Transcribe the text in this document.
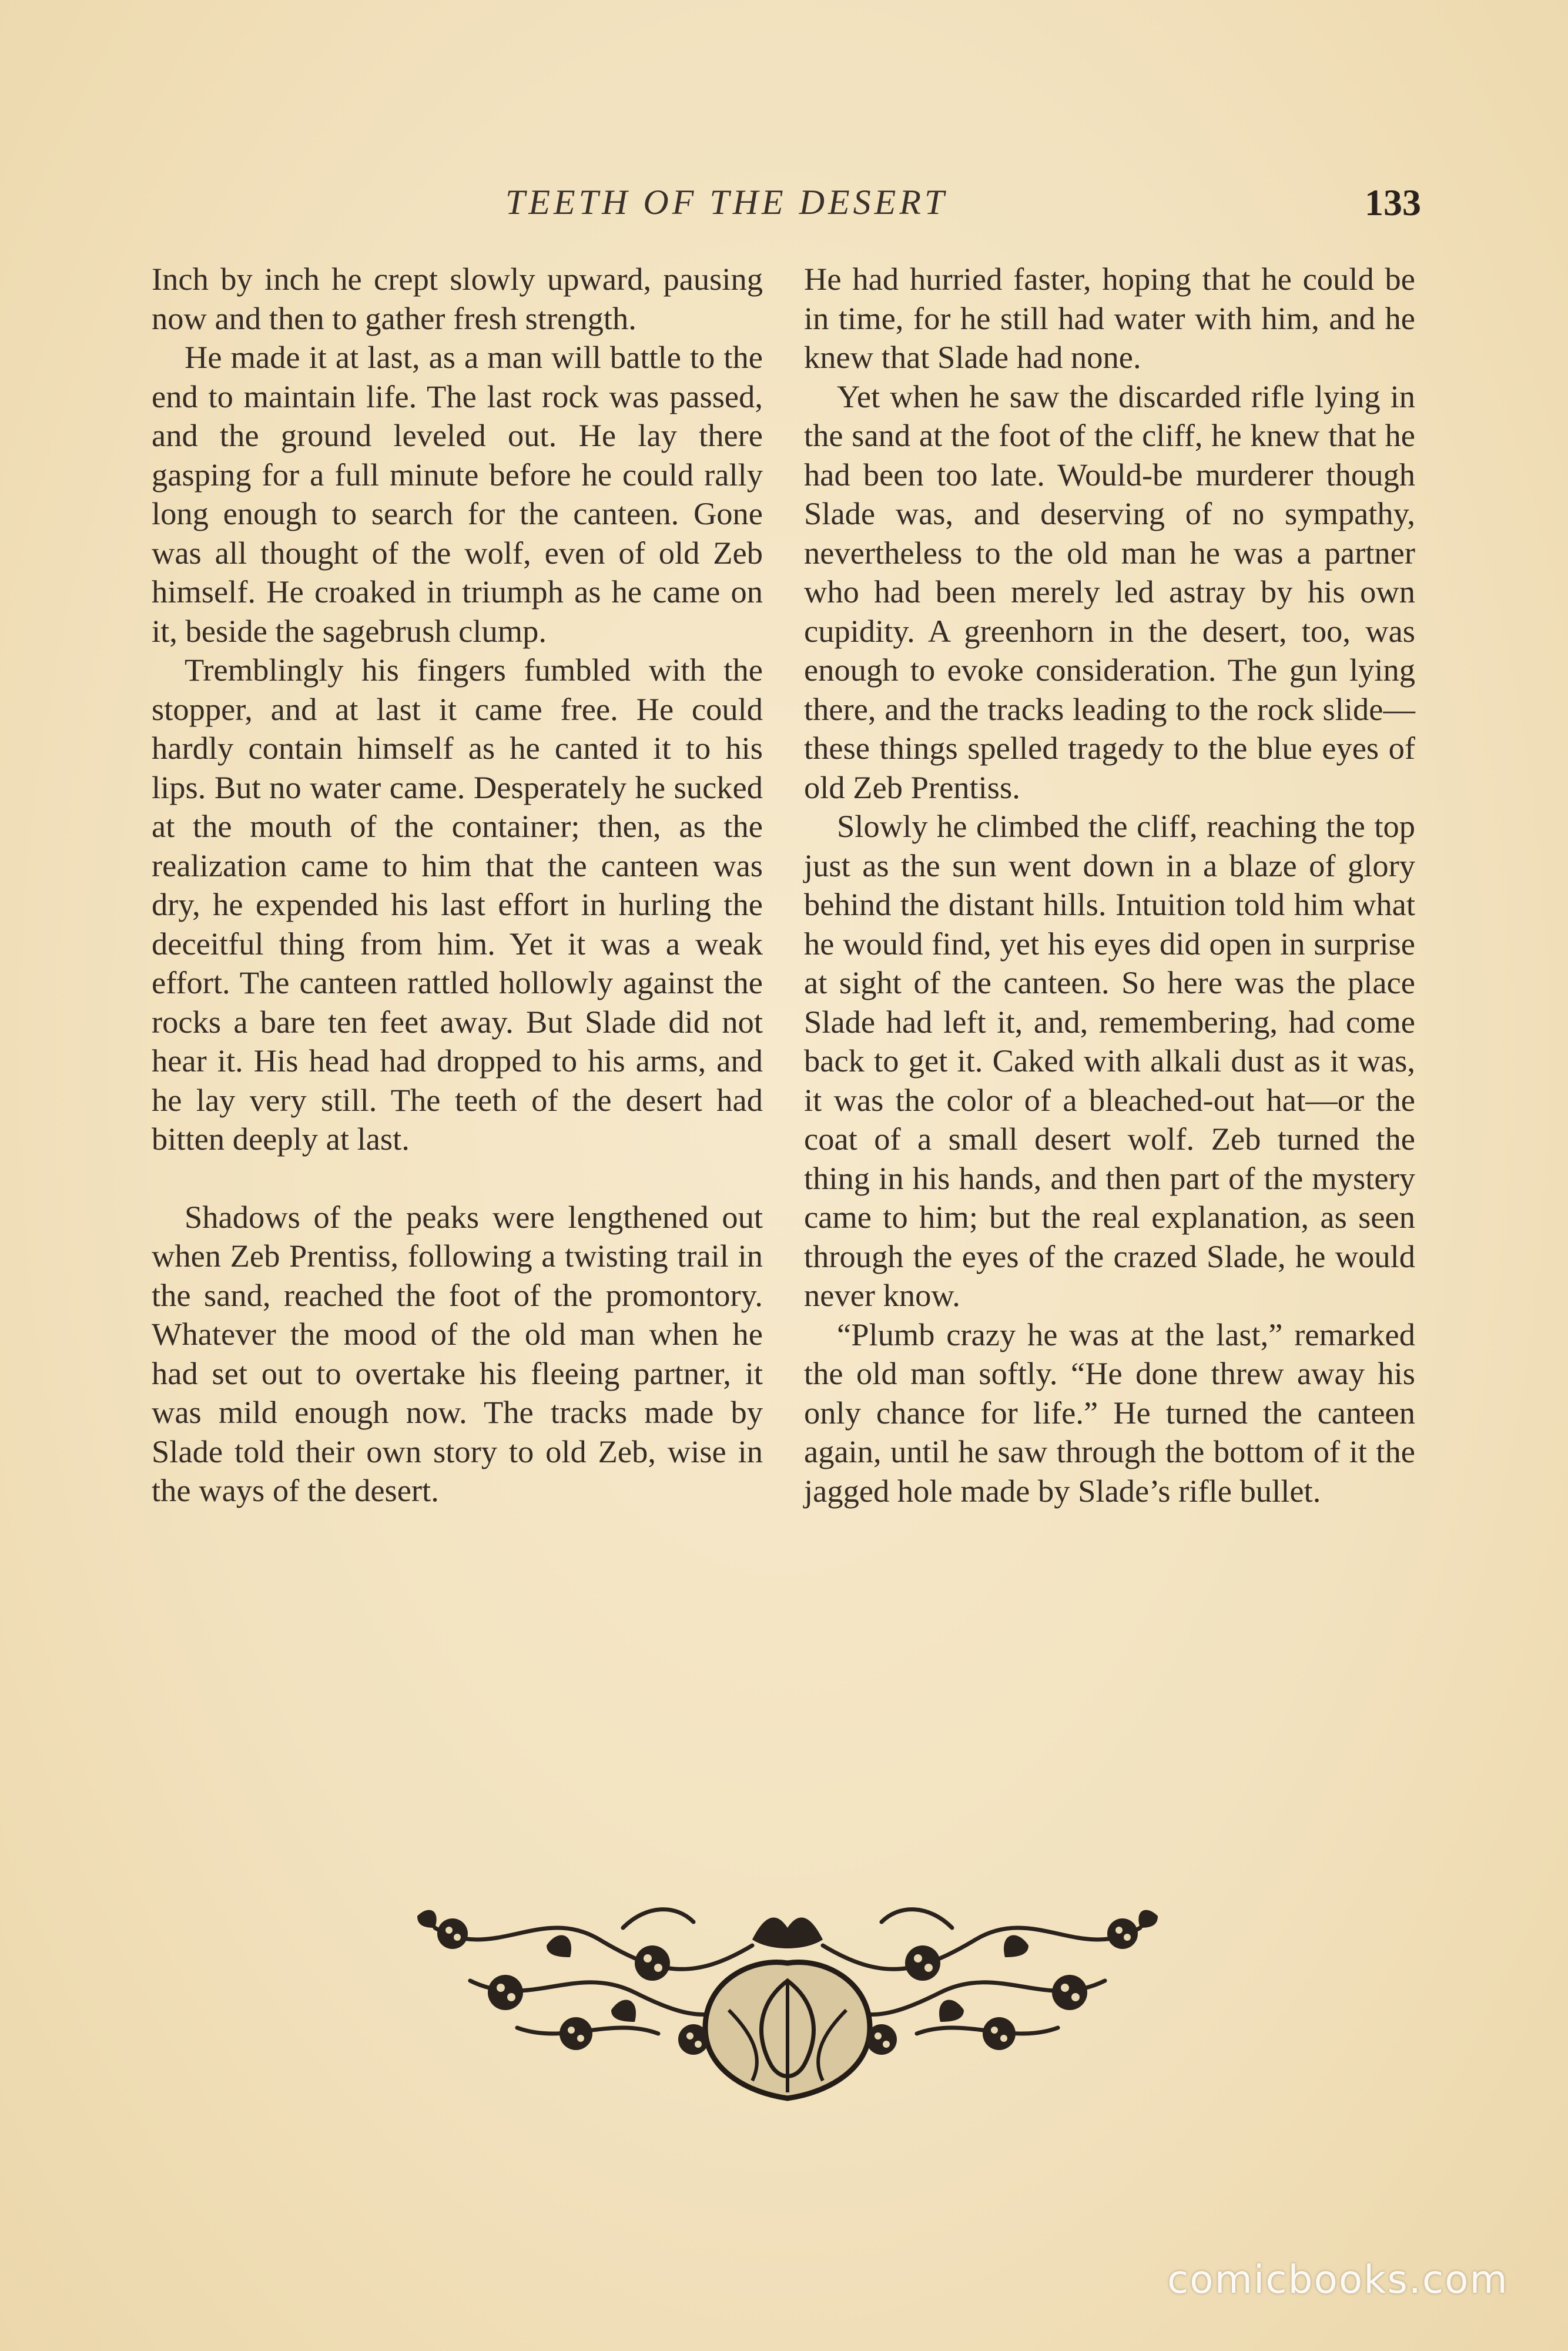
TEETH OF THE DESERT	133

Inch by inch he crept slowly upward, pausing now and then to gather fresh strength.

He made it at last, as a man will battle to the end to maintain life. The last rock was passed, and the ground leveled out. He lay there gasping for a full minute before he could rally long enough to search for the canteen. Gone was all thought of the wolf, even of old Zeb himself. He croaked in triumph as he came on it, beside the sagebrush clump.

Tremblingly his fingers fumbled with the stopper, and at last it came free. He could hardly contain himself as he canted it to his lips. But no water came. Desperately he sucked at the mouth of the container; then, as the realization came to him that the canteen was dry, he expended his last effort in hurling the deceitful thing from him. Yet it was a weak effort. The canteen rattled hollowly against the rocks a bare ten feet away. But Slade did not hear it. His head had dropped to his arms, and he lay very still. The teeth of the desert had bitten deeply at last.

Shadows of the peaks were lengthened out when Zeb Prentiss, following a twisting trail in the sand, reached the foot of the promontory. Whatever the mood of the old man when he had set out to overtake his fleeing partner, it was mild enough now. The tracks made by Slade told their own story to old Zeb, wise in the ways of the desert.

He had hurried faster, hoping that he could be in time, for he still had water with him, and he knew that Slade had none.

Yet when he saw the discarded rifle lying in the sand at the foot of the cliff, he knew that he had been too late. Would-be murderer though Slade was, and deserving of no sympathy, nevertheless to the old man he was a partner who had been merely led astray by his own cupidity. A greenhorn in the desert, too, was enough to evoke consideration. The gun lying there, and the tracks leading to the rock slide—these things spelled tragedy to the blue eyes of old Zeb Prentiss.

Slowly he climbed the cliff, reaching the top just as the sun went down in a blaze of glory behind the distant hills. Intuition told him what he would find, yet his eyes did open in surprise at sight of the canteen. So here was the place Slade had left it, and, remembering, had come back to get it. Caked with alkali dust as it was, it was the color of a bleached-out hat—or the coat of a small desert wolf. Zeb turned the thing in his hands, and then part of the mystery came to him; but the real explanation, as seen through the eyes of the crazed Slade, he would never know.

“Plumb crazy he was at the last,” remarked the old man softly. “He done threw away his only chance for life.” He turned the canteen again, until he saw through the bottom of it the jagged hole made by Slade’s rifle bullet.

comicbooks.com
